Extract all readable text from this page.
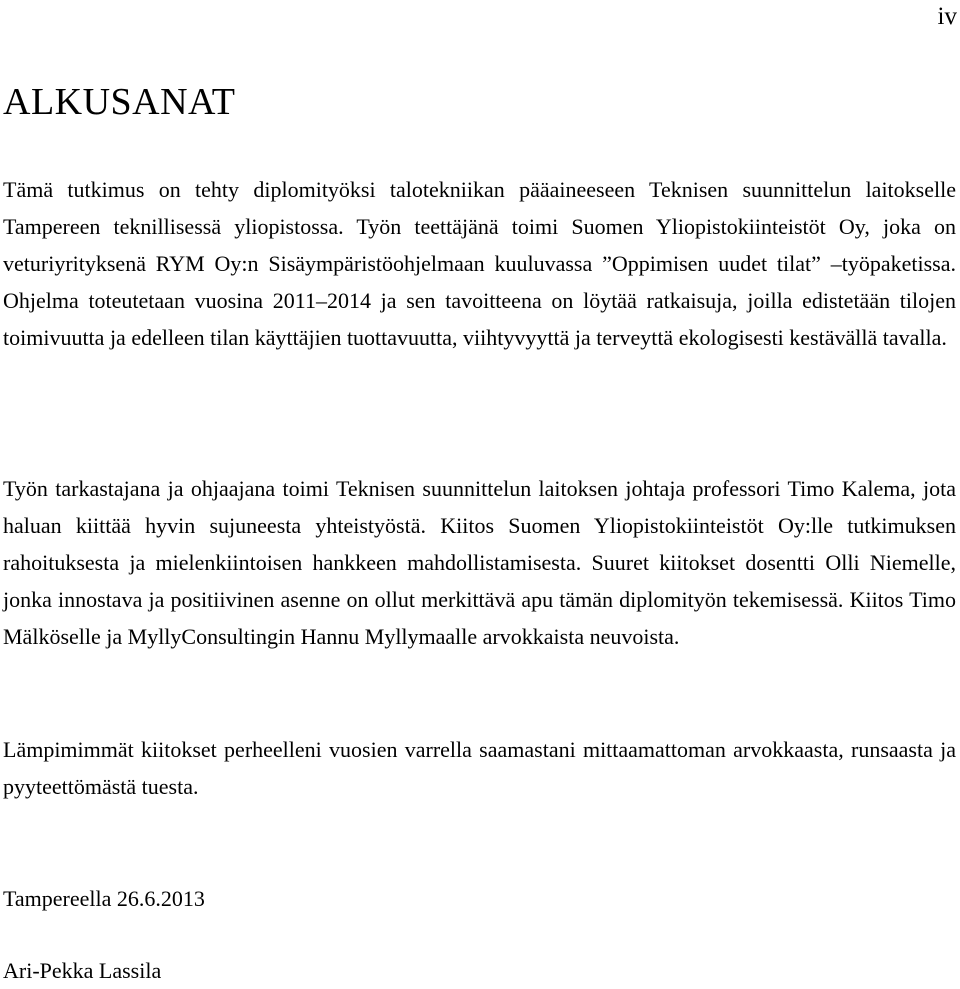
iv
ALKUSANAT

Tämä tutkimus on tehty diplomityöksi talotekniikan pääaineeseen Teknisen suunnittelun laitokselle Tampereen teknillisessä yliopistossa. Työn teettäjänä toimi Suomen Yliopistokiinteistöt Oy, joka on veturiyrityksenä RYM Oy:n Sisäympäristöohjelmaan kuuluvassa ”Oppimisen uudet tilat” –työpaketissa. Ohjelma toteutetaan vuosina 2011–2014 ja sen tavoitteena on löytää ratkaisuja, joilla edistetään tilojen toimivuutta ja edelleen tilan käyttäjien tuottavuutta, viihtyvyyttä ja terveyttä ekologisesti kestävällä tavalla.

Työn tarkastajana ja ohjaajana toimi Teknisen suunnittelun laitoksen johtaja professori Timo Kalema, jota haluan kiittää hyvin sujuneesta yhteistyöstä. Kiitos Suomen Yliopistokiinteistöt Oy:lle tutkimuksen rahoituksesta ja mielenkiintoisen hankkeen mahdollistamisesta. Suuret kiitokset dosentti Olli Niemelle, jonka innostava ja positiivinen asenne on ollut merkittävä apu tämän diplomityön tekemisessä. Kiitos Timo Mälköselle ja MyllyConsultingin Hannu Myllymaalle arvokkaista neuvoista.

Lämpimimmät kiitokset perheelleni vuosien varrella saamastani mittaamattoman arvokkaasta, runsaasta ja pyyteettömästä tuesta.

Tampereella 26.6.2013
Ari-Pekka Lassila
